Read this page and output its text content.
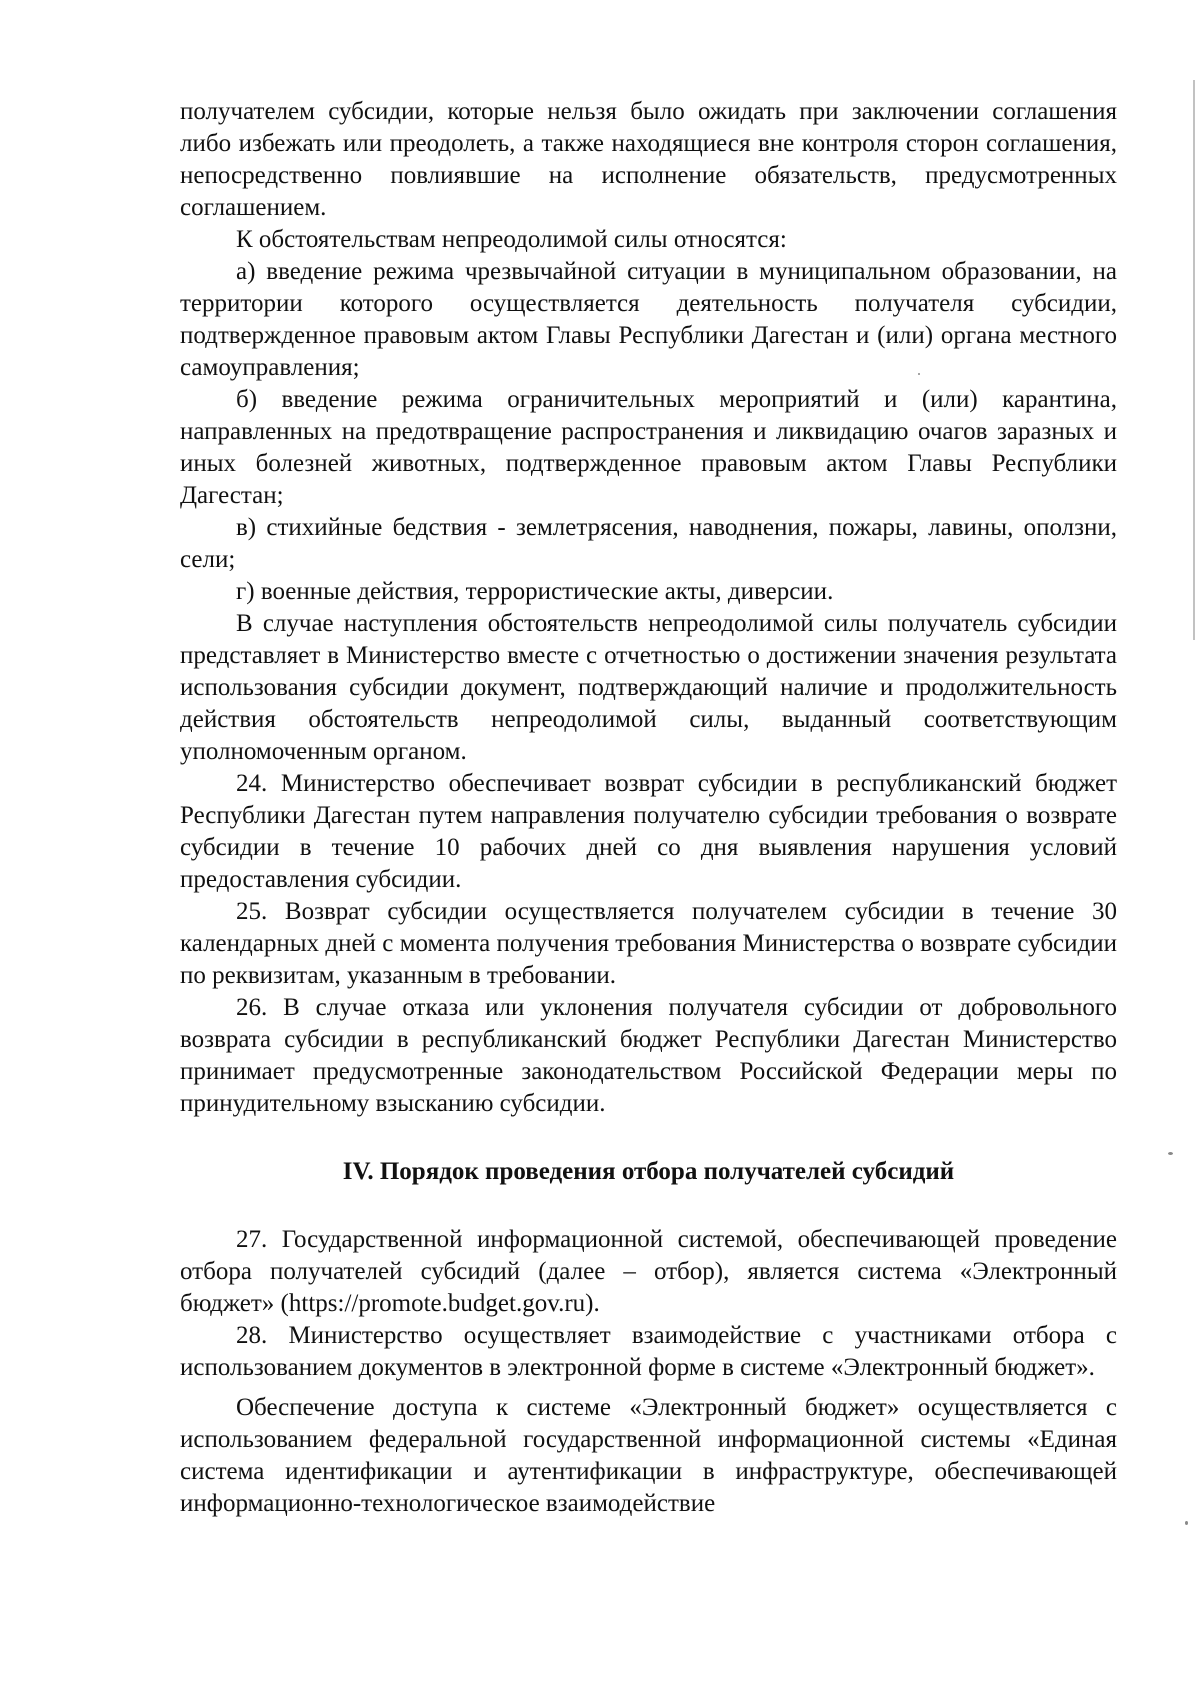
получателем субсидии, которые нельзя было ожидать при заключении соглашения либо избежать или преодолеть, а также находящиеся вне контроля сторон соглашения, непосредственно повлиявшие на исполнение обязательств, предусмотренных соглашением.

К обстоятельствам непреодолимой силы относятся:

а) введение режима чрезвычайной ситуации в муниципальном образовании, на территории которого осуществляется деятельность получателя субсидии, подтвержденное правовым актом Главы Республики Дагестан и (или) органа местного самоуправления;

б) введение режима ограничительных мероприятий и (или) карантина, направленных на предотвращение распространения и ликвидацию очагов заразных и иных болезней животных, подтвержденное правовым актом Главы Республики Дагестан;

в) стихийные бедствия - землетрясения, наводнения, пожары, лавины, оползни, сели;

г) военные действия, террористические акты, диверсии.

В случае наступления обстоятельств непреодолимой силы получатель субсидии представляет в Министерство вместе с отчетностью о достижении значения результата использования субсидии документ, подтверждающий наличие и продолжительность действия обстоятельств непреодолимой силы, выданный соответствующим уполномоченным органом.

24. Министерство обеспечивает возврат субсидии в республиканский бюджет Республики Дагестан путем направления получателю субсидии требования о возврате субсидии в течение 10 рабочих дней со дня выявления нарушения условий предоставления субсидии.

25. Возврат субсидии осуществляется получателем субсидии в течение 30 календарных дней с момента получения требования Министерства о возврате субсидии по реквизитам, указанным в требовании.

26. В случае отказа или уклонения получателя субсидии от добровольного возврата субсидии в республиканский бюджет Республики Дагестан Министерство принимает предусмотренные законодательством Российской Федерации меры по принудительному взысканию субсидии.

IV. Порядок проведения отбора получателей субсидий

27. Государственной информационной системой, обеспечивающей проведение отбора получателей субсидий (далее – отбор), является система «Электронный бюджет» (https://promote.budget.gov.ru).

28. Министерство осуществляет взаимодействие с участниками отбора с использованием документов в электронной форме в системе «Электронный бюджет».

Обеспечение доступа к системе «Электронный бюджет» осуществляется с использованием федеральной государственной информационной системы «Единая система идентификации и аутентификации в инфраструктуре, обеспечивающей информационно-технологическое взаимодействие
